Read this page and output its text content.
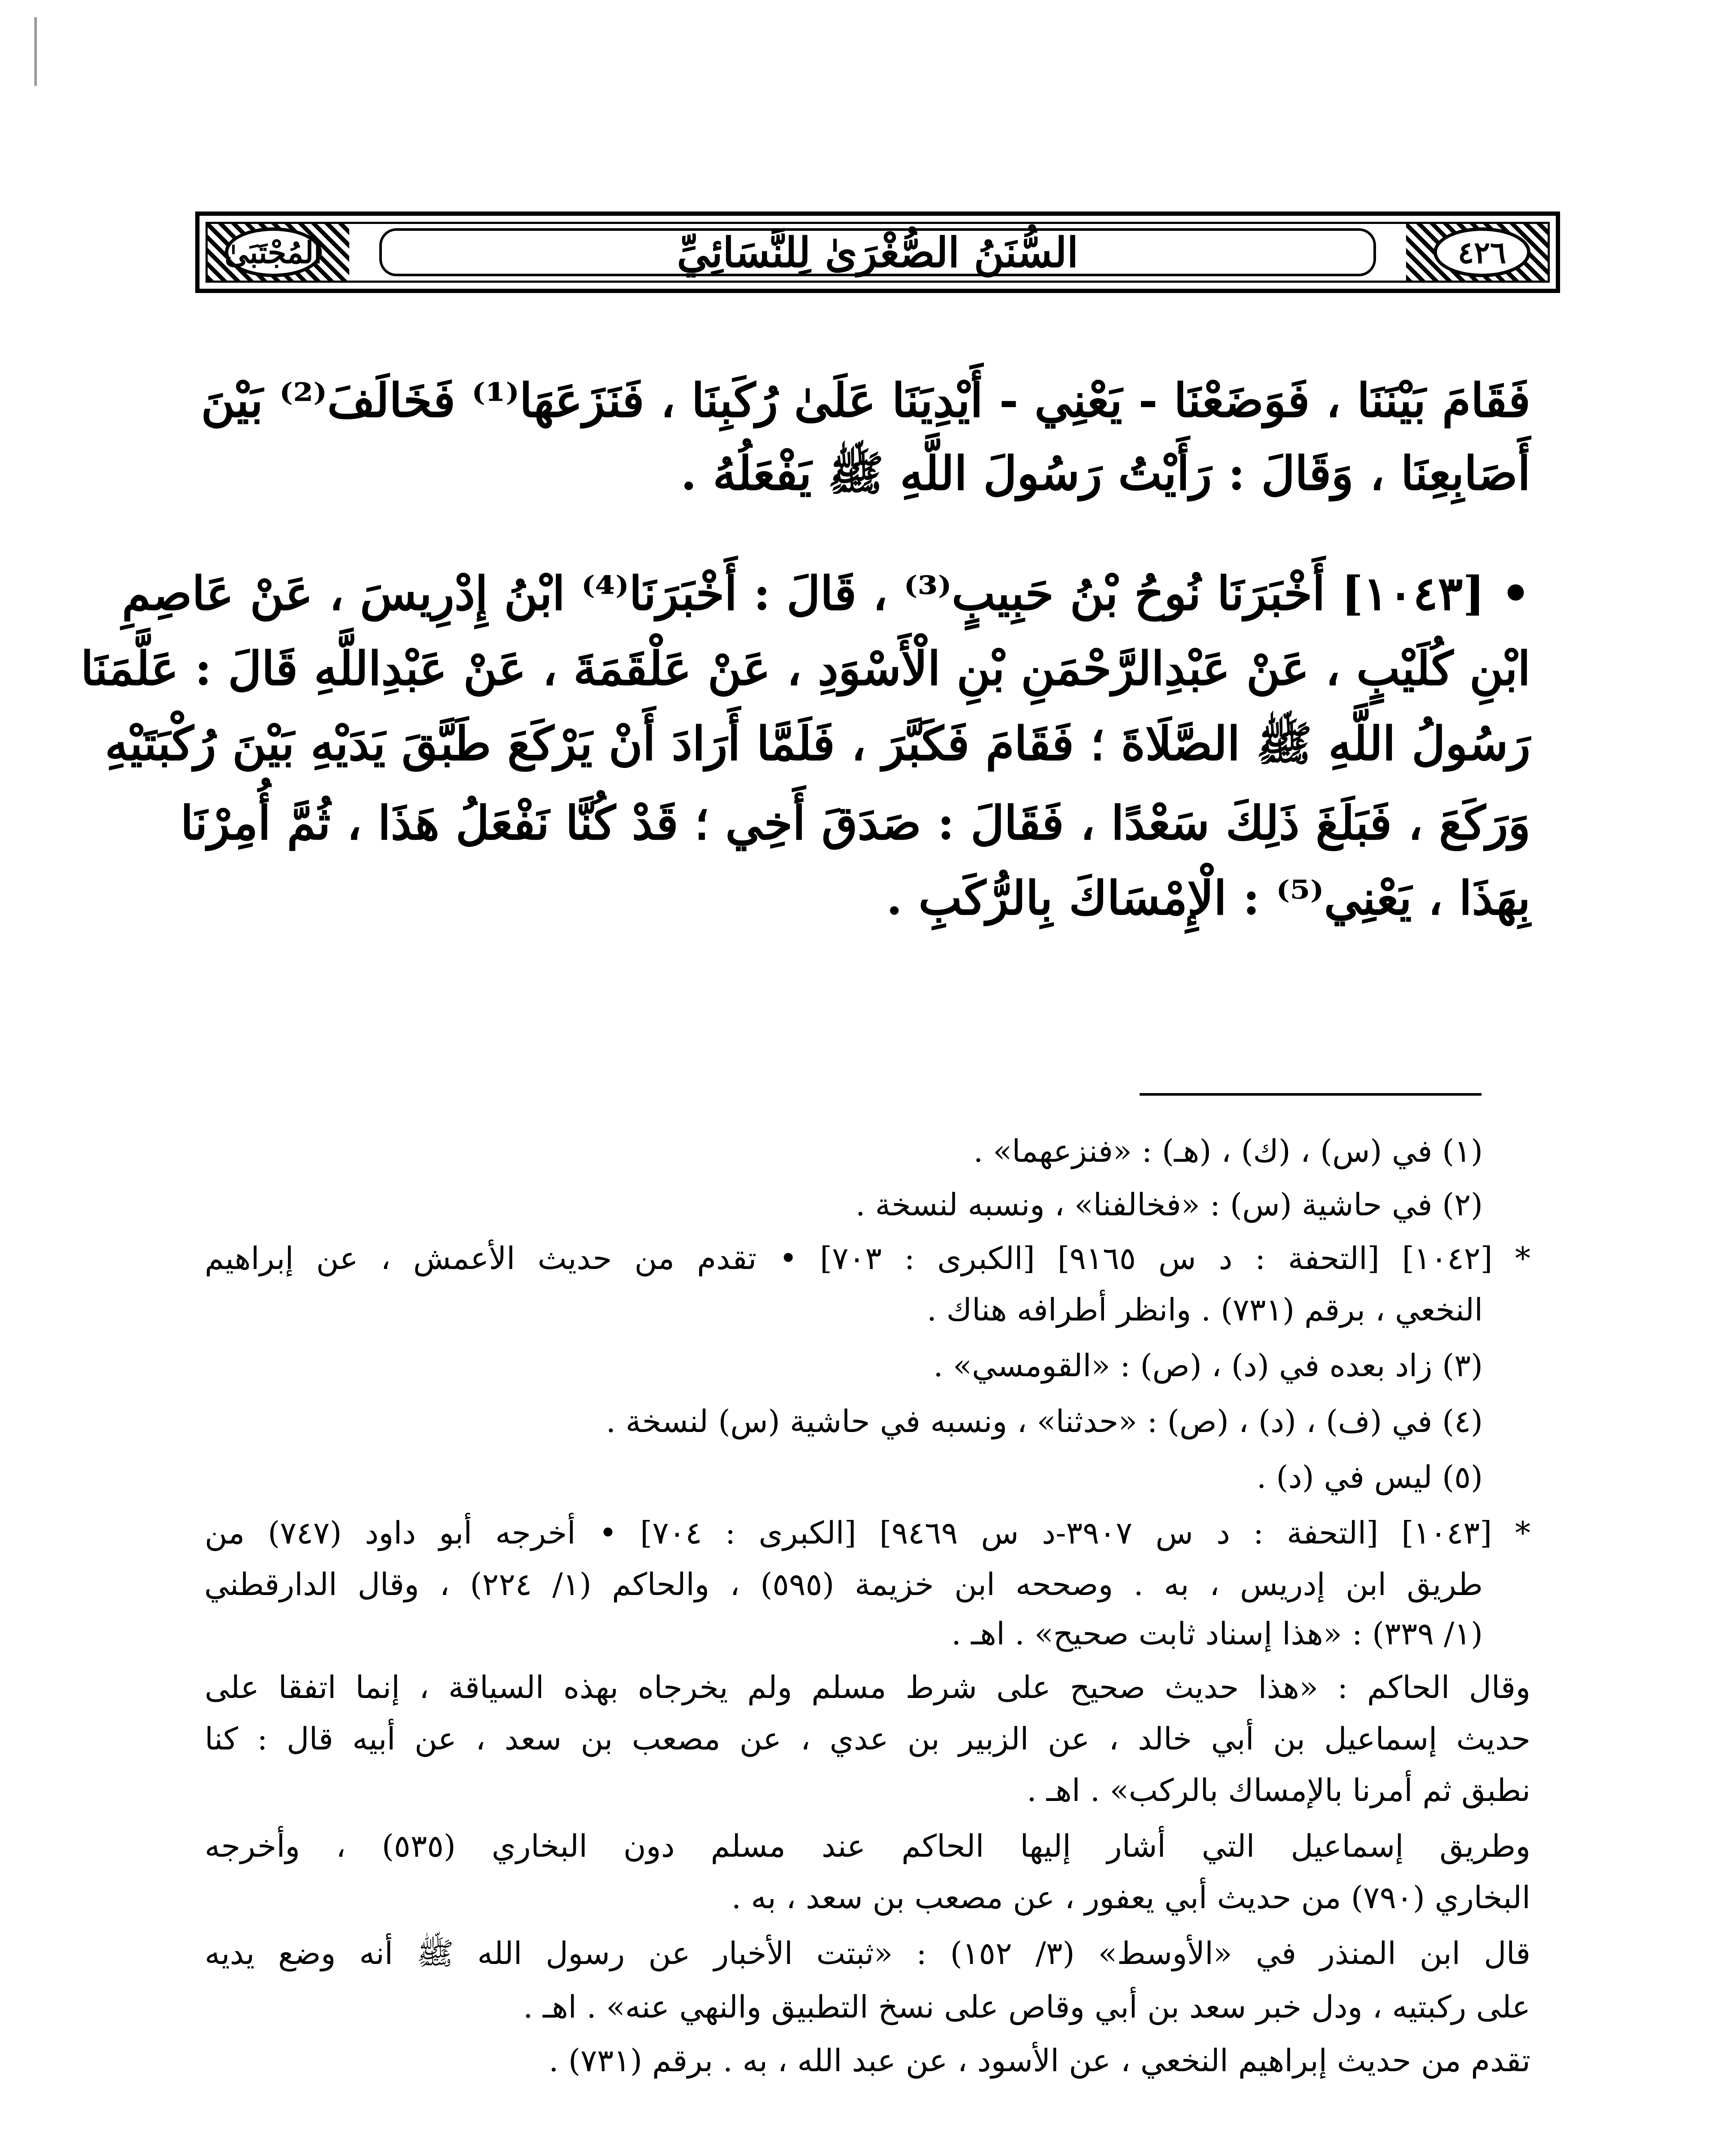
٤٢٦
السُّنَنُ الصُّغْرَىٰ لِلنَّسَائِيِّ
المُجْتَبَىٰ
فَقَامَ بَيْنَنَا ، فَوَضَعْنَا - يَعْنِي - أَيْدِيَنَا عَلَىٰ رُكَبِنَا ، فَنَزَعَهَا⁽¹⁾ فَخَالَفَ⁽²⁾ بَيْنَ
أَصَابِعِنَا ، وَقَالَ : رَأَيْتُ رَسُولَ اللَّهِ ﷺ يَفْعَلُهُ .
• [١٠٤٣] أَخْبَرَنَا نُوحُ بْنُ حَبِيبٍ⁽³⁾ ، قَالَ : أَخْبَرَنَا⁽⁴⁾ ابْنُ إِدْرِيسَ ، عَنْ عَاصِمِ
ابْنِ كُلَيْبٍ ، عَنْ عَبْدِالرَّحْمَنِ بْنِ الْأَسْوَدِ ، عَنْ عَلْقَمَةَ ، عَنْ عَبْدِاللَّهِ قَالَ : عَلَّمَنَا
رَسُولُ اللَّهِ ﷺ الصَّلَاةَ ؛ فَقَامَ فَكَبَّرَ ، فَلَمَّا أَرَادَ أَنْ يَرْكَعَ طَبَّقَ يَدَيْهِ بَيْنَ رُكْبَتَيْهِ
وَرَكَعَ ، فَبَلَغَ ذَلِكَ سَعْدًا ، فَقَالَ : صَدَقَ أَخِي ؛ قَدْ كُنَّا نَفْعَلُ هَذَا ، ثُمَّ أُمِرْنَا
بِهَذَا ، يَعْنِي⁽⁵⁾ : الْإِمْسَاكَ بِالرُّكَبِ .
(١) في (س) ، (ك) ، (هـ) : «فنزعهما» .
(٢) في حاشية (س) : «فخالفنا» ، ونسبه لنسخة .
* [١٠٤٢] [التحفة : د س ٩١٦٥] [الكبرى : ٧٠٣] • تقدم من حديث الأعمش ، عن إبراهيم
النخعي ، برقم (٧٣١) . وانظر أطرافه هناك .
(٣) زاد بعده في (د) ، (ص) : «القومسي» .
(٤) في (ف) ، (د) ، (ص) : «حدثنا» ، ونسبه في حاشية (س) لنسخة .
(٥) ليس في (د) .
* [١٠٤٣] [التحفة : د س ٣٩٠٧-د س ٩٤٦٩] [الكبرى : ٧٠٤] • أخرجه أبو داود (٧٤٧) من
طريق ابن إدريس ، به . وصححه ابن خزيمة (٥٩٥) ، والحاكم (١/ ٢٢٤) ، وقال الدارقطني
(١/ ٣٣٩) : «هذا إسناد ثابت صحيح» . اهـ .
وقال الحاكم : «هذا حديث صحيح على شرط مسلم ولم يخرجاه بهذه السياقة ، إنما اتفقا على
حديث إسماعيل بن أبي خالد ، عن الزبير بن عدي ، عن مصعب بن سعد ، عن أبيه قال : كنا
نطبق ثم أمرنا بالإمساك بالركب» . اهـ .
وطريق إسماعيل التي أشار إليها الحاكم عند مسلم دون البخاري (٥٣٥) ، وأخرجه
البخاري (٧٩٠) من حديث أبي يعفور ، عن مصعب بن سعد ، به .
قال ابن المنذر في «الأوسط» (٣/ ١٥٢) : «ثبتت الأخبار عن رسول الله ﷺ أنه وضع يديه
على ركبتيه ، ودل خبر سعد بن أبي وقاص على نسخ التطبيق والنهي عنه» . اهـ .
تقدم من حديث إبراهيم النخعي ، عن الأسود ، عن عبد الله ، به . برقم (٧٣١) .
